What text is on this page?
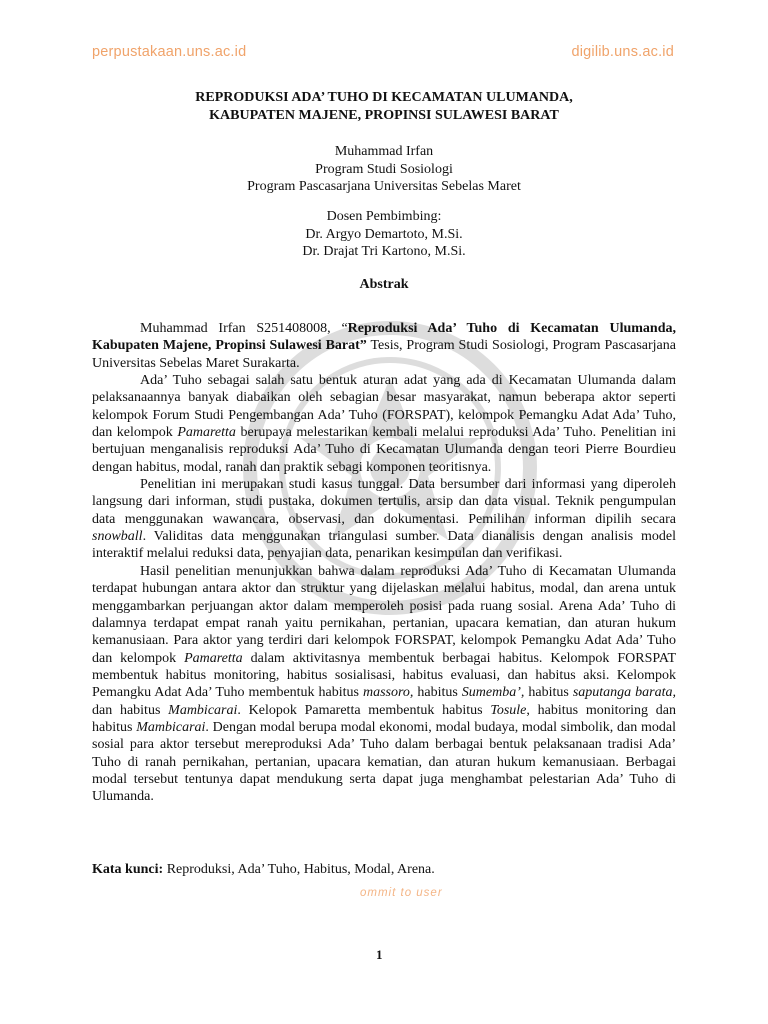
perpustakaan.uns.ac.id	digilib.uns.ac.id
REPRODUKSI ADA’ TUHO DI KECAMATAN ULUMANDA,
KABUPATEN MAJENE, PROPINSI SULAWESI BARAT
Muhammad Irfan
Program Studi Sosiologi
Program Pascasarjana Universitas Sebelas Maret
Dosen Pembimbing:
Dr. Argyo Demartoto, M.Si.
Dr. Drajat Tri Kartono, M.Si.
Abstrak

Muhammad Irfan S251408008, “Reproduksi Ada’ Tuho di Kecamatan Ulumanda, Kabupaten Majene, Propinsi Sulawesi Barat” Tesis, Program Studi Sosiologi, Program Pascasarjana Universitas Sebelas Maret Surakarta.

Ada’ Tuho sebagai salah satu bentuk aturan adat yang ada di Kecamatan Ulumanda dalam pelaksanaannya banyak diabaikan oleh sebagian besar masyarakat, namun beberapa aktor seperti kelompok Forum Studi Pengembangan Ada’ Tuho (FORSPAT), kelompok Pemangku Adat Ada’ Tuho, dan kelompok Pamaretta berupaya melestarikan kembali melalui reproduksi Ada’ Tuho. Penelitian ini bertujuan menganalisis reproduksi Ada’ Tuho di Kecamatan Ulumanda dengan teori Pierre Bourdieu dengan habitus, modal, ranah dan praktik sebagi komponen teoritisnya.

Penelitian ini merupakan studi kasus tunggal. Data bersumber dari informasi yang diperoleh langsung dari informan, studi pustaka, dokumen tertulis, arsip dan data visual. Teknik pengumpulan data menggunakan wawancara, observasi, dan dokumentasi. Pemilihan informan dipilih secara snowball. Validitas data menggunakan triangulasi sumber. Data dianalisis dengan analisis model interaktif melalui reduksi data, penyajian data, penarikan kesimpulan dan verifikasi.

Hasil penelitian menunjukkan bahwa dalam reproduksi Ada’ Tuho di Kecamatan Ulumanda terdapat hubungan antara aktor dan struktur yang dijelaskan melalui habitus, modal, dan arena untuk menggambarkan perjuangan aktor dalam memperoleh posisi pada ruang sosial. Arena Ada’ Tuho di dalamnya terdapat empat ranah yaitu pernikahan, pertanian, upacara kematian, dan aturan hukum kemanusiaan. Para aktor yang terdiri dari kelompok FORSPAT, kelompok Pemangku Adat Ada’ Tuho dan kelompok Pamaretta dalam aktivitasnya membentuk berbagai habitus. Kelompok FORSPAT membentuk habitus monitoring, habitus sosialisasi, habitus evaluasi, dan habitus aksi. Kelompok Pemangku Adat Ada’ Tuho membentuk habitus massoro, habitus Sumemba’, habitus saputanga barata, dan habitus Mambicarai. Kelopok Pamaretta membentuk habitus Tosule, habitus monitoring dan habitus Mambicarai. Dengan modal berupa modal ekonomi, modal budaya, modal simbolik, dan modal sosial para aktor tersebut mereproduksi Ada’ Tuho dalam berbagai bentuk pelaksanaan tradisi Ada’ Tuho di ranah pernikahan, pertanian, upacara kematian, dan aturan hukum kemanusiaan. Berbagai modal tersebut tentunya dapat mendukung serta dapat juga menghambat pelestarian Ada’ Tuho di Ulumanda.

Kata kunci: Reproduksi, Ada’ Tuho, Habitus, Modal, Arena.
ommit to user
1
